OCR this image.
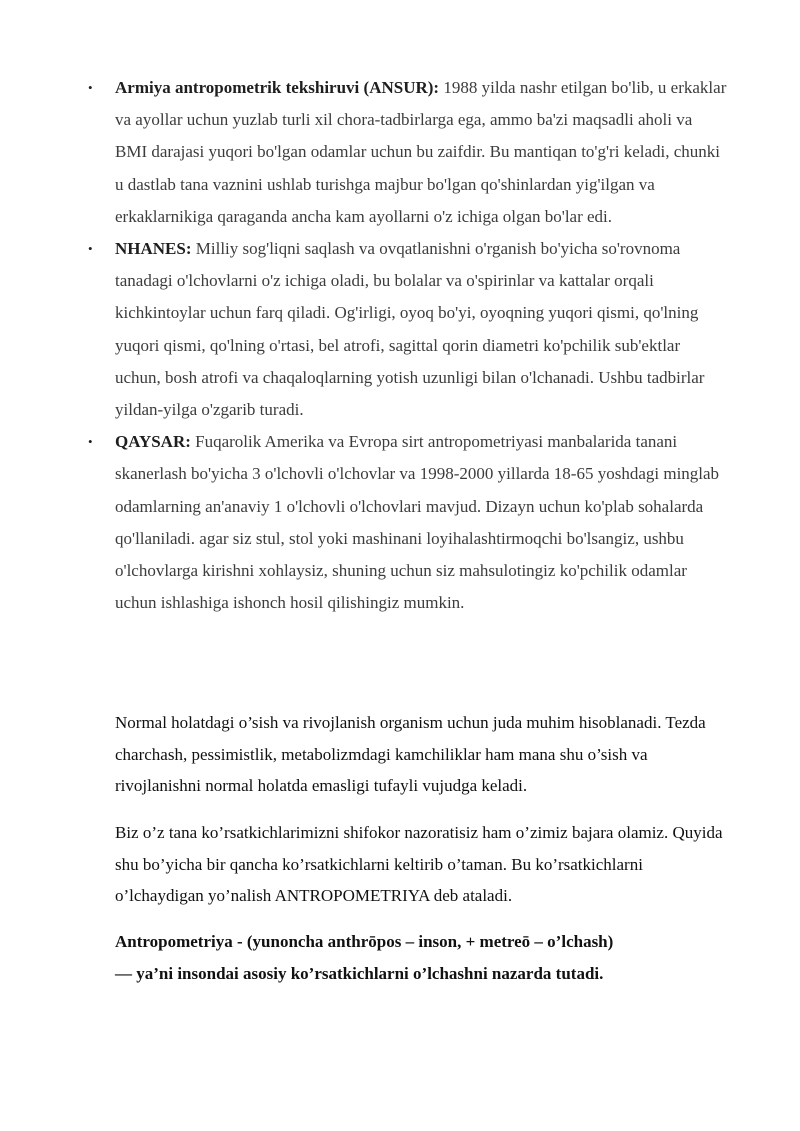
• Armiya antropometrik tekshiruvi (ANSUR): 1988 yilda nashr etilgan bo'lib, u erkaklar va ayollar uchun yuzlab turli xil chora-tadbirlarga ega, ammo ba'zi maqsadli aholi va BMI darajasi yuqori bo'lgan odamlar uchun bu zaifdir. Bu mantiqan to'g'ri keladi, chunki u dastlab tana vaznini ushlab turishga majbur bo'lgan qo'shinlardan yig'ilgan va erkaklarnikiga qaraganda ancha kam ayollarni o'z ichiga olgan bo'lar edi.
• NHANES: Milliy sog'liqni saqlash va ovqatlanishni o'rganish bo'yicha so'rovnoma tanadagi o'lchovlarni o'z ichiga oladi, bu bolalar va o'spirinlar va kattalar orqali kichkintoylar uchun farq qiladi. Og'irligi, oyoq bo'yi, oyoqning yuqori qismi, qo'lning yuqori qismi, qo'lning o'rtasi, bel atrofi, sagittal qorin diametri ko'pchilik sub'ektlar uchun, bosh atrofi va chaqaloqlarning yotish uzunligi bilan o'lchanadi. Ushbu tadbirlar yildan-yilga o'zgarib turadi.
• QAYSAR: Fuqarolik Amerika va Evropa sirt antropometriyasi manbalarida tanani skanerlash bo'yicha 3 o'lchovli o'lchovlar va 1998-2000 yillarda 18-65 yoshdagi minglab odamlarning an'anaviy 1 o'lchovli o'lchovlari mavjud. Dizayn uchun ko'plab sohalarda qo'llaniladi. agar siz stul, stol yoki mashinani loyihalashtirmoqchi bo'lsangiz, ushbu o'lchovlarga kirishni xohlaysiz, shuning uchun siz mahsulotingiz ko'pchilik odamlar uchun ishlashiga ishonch hosil qilishingiz mumkin.

Normal holatdagi o’sish va rivojlanish organism uchun juda muhim hisoblanadi. Tezda charchash, pessimistlik, metabolizmdagi kamchiliklar ham mana shu o’sish va rivojlanishni normal holatda emasligi tufayli vujudga keladi.

Biz o’z tana ko’rsatkichlarimizni shifokor nazoratisiz ham o’zimiz bajara olamiz. Quyida shu bo’yicha bir qancha ko’rsatkichlarni keltirib o’taman. Bu ko’rsatkichlarni o’lchaydigan yo’nalish ANTROPOMETRIYA deb ataladi.

Antropometriya - (yunoncha anthrōpos – inson, + metreō – o’lchash)
— ya’ni insondai asosiy ko’rsatkichlarni o’lchashni nazarda tutadi.
